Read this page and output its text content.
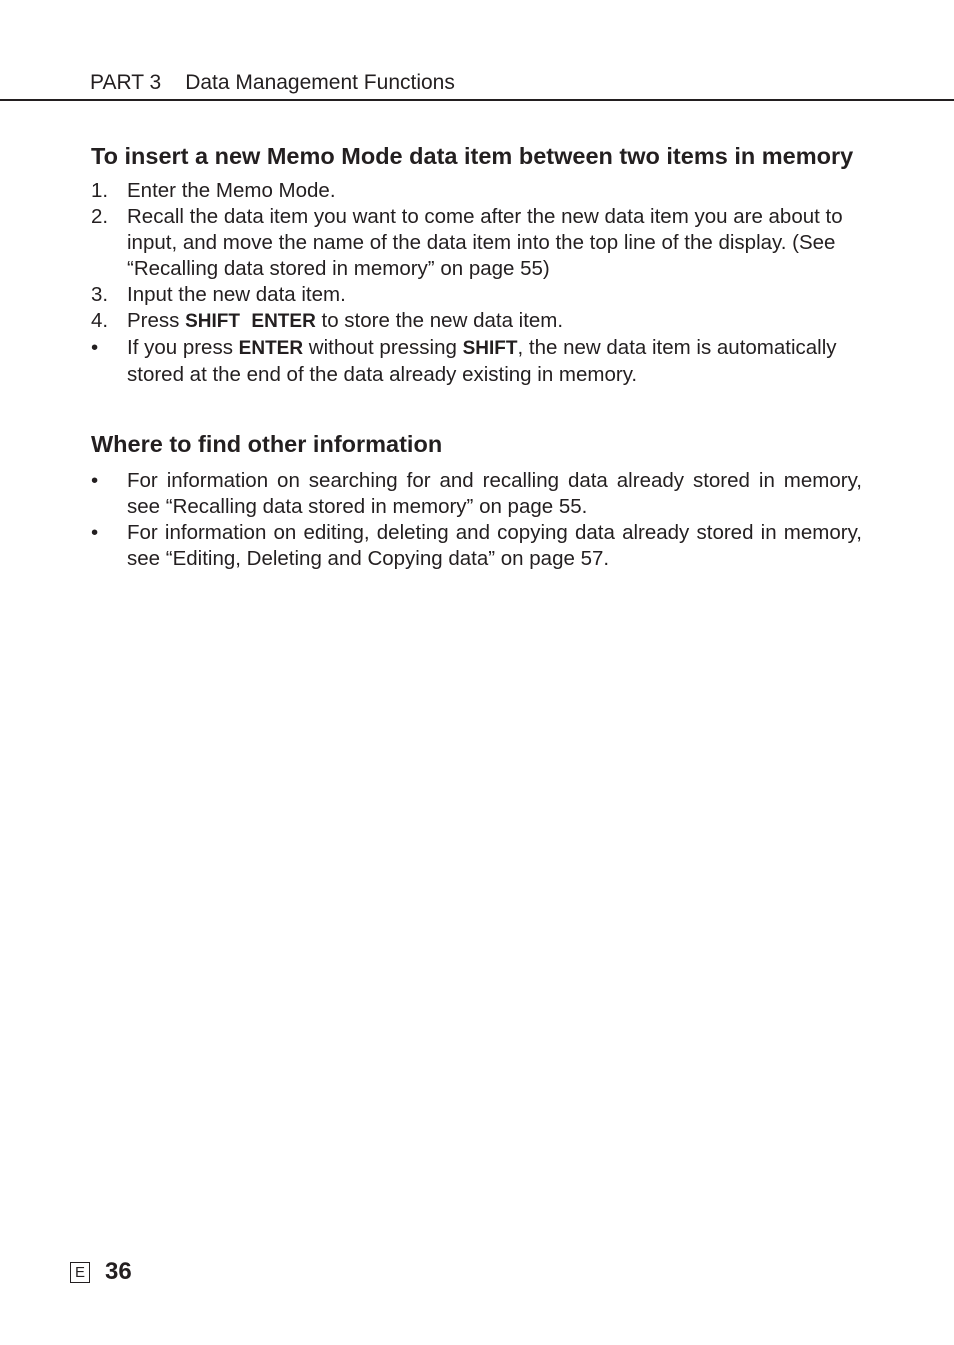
PART 3 Data Management Functions
To insert a new Memo Mode data item between two items in memory
1. Enter the Memo Mode.
2. Recall the data item you want to come after the new data item you are about to input, and move the name of the data item into the top line of the display. (See “Recalling data stored in memory” on page 55)
3. Input the new data item.
4. Press SHIFT ENTER to store the new data item.
• If you press ENTER without pressing SHIFT, the new data item is automatically stored at the end of the data already existing in memory.
Where to find other information
• For information on searching for and recalling data already stored in memory, see “Recalling data stored in memory” on page 55.
• For information on editing, deleting and copying data already stored in memory, see “Editing, Deleting and Copying data” on page 57.
E 36
